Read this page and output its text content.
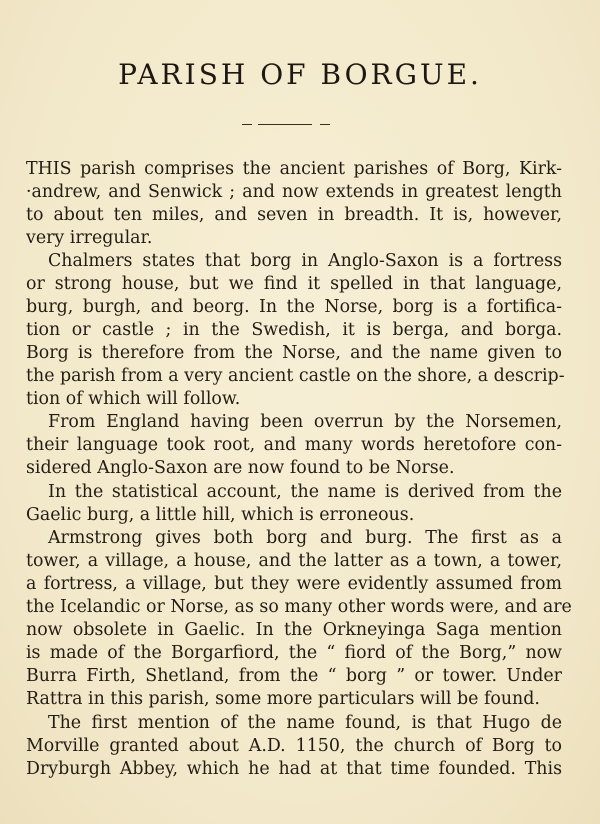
PARISH OF BORGUE.
THIS parish comprises the ancient parishes of Borg, Kirk-
·andrew, and Senwick ; and now extends in greatest length
to about ten miles, and seven in breadth. It is, however,
very irregular.
Chalmers states that borg in Anglo-Saxon is a fortress
or strong house, but we find it spelled in that language,
burg, burgh, and beorg. In the Norse, borg is a fortifica-
tion or castle ; in the Swedish, it is berga, and borga.
Borg is therefore from the Norse, and the name given to
the parish from a very ancient castle on the shore, a descrip-
tion of which will follow.
From England having been overrun by the Norsemen,
their language took root, and many words heretofore con-
sidered Anglo-Saxon are now found to be Norse.
In the statistical account, the name is derived from the
Gaelic burg, a little hill, which is erroneous.
Armstrong gives both borg and burg. The first as a
tower, a village, a house, and the latter as a town, a tower,
a fortress, a village, but they were evidently assumed from
the Icelandic or Norse, as so many other words were, and are
now obsolete in Gaelic. In the Orkneyinga Saga mention
is made of the Borgarfiord, the “ fiord of the Borg,” now
Burra Firth, Shetland, from the “ borg ” or tower. Under
Rattra in this parish, some more particulars will be found.
The first mention of the name found, is that Hugo de
Morville granted about A.D. 1150, the church of Borg to
Dryburgh Abbey, which he had at that time founded. This
